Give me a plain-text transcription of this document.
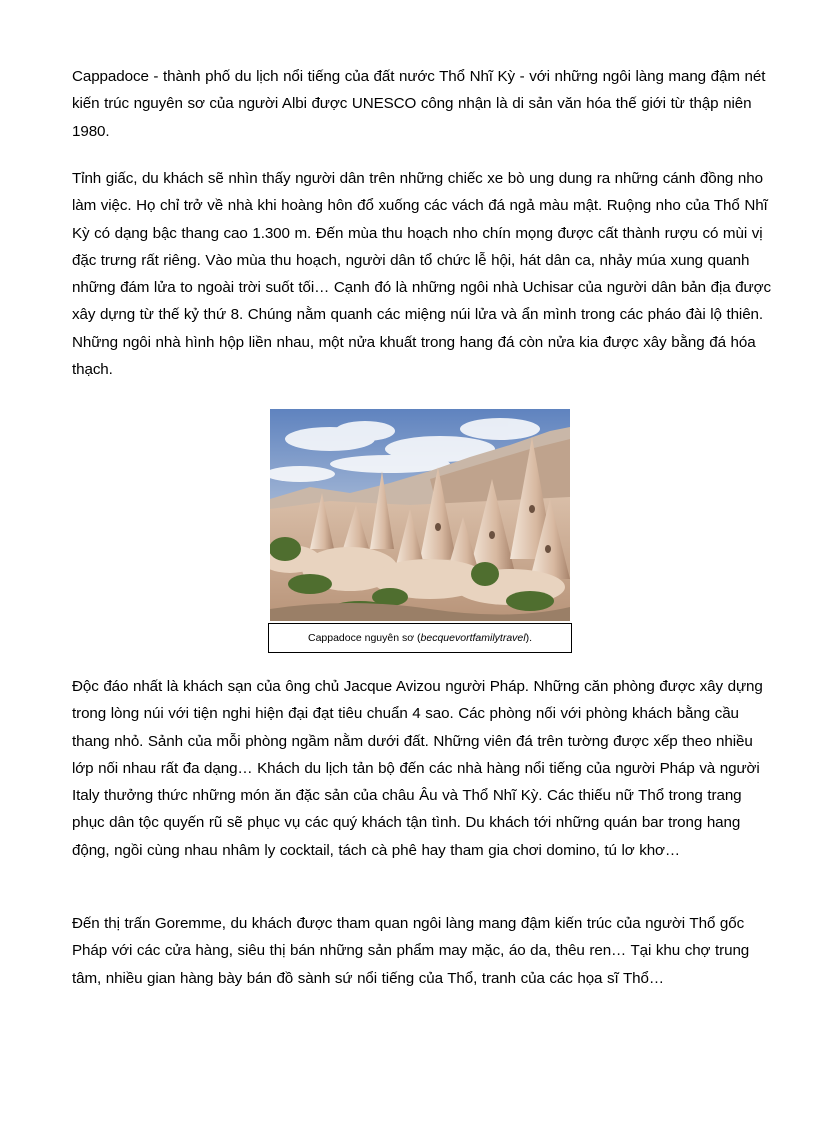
Cappadoce - thành phố du lịch nổi tiếng của đất nước Thổ Nhĩ Kỳ - với những ngôi làng mang đậm nét kiến trúc nguyên sơ của người Albi được UNESCO công nhận là di sản văn hóa thế giới từ thập niên 1980.

Tỉnh giấc, du khách sẽ nhìn thấy người dân trên những chiếc xe bò ung dung ra những cánh đồng nho làm việc. Họ chỉ trở về nhà khi hoàng hôn đổ xuống các vách đá ngả màu mật. Ruộng nho của Thổ Nhĩ Kỳ có dạng bậc thang cao 1.300 m. Đến mùa thu hoạch nho chín mọng được cất thành rượu có mùi vị đặc trưng rất riêng. Vào mùa thu hoạch, người dân tổ chức lễ hội, hát dân ca, nhảy múa xung quanh những đám lửa to ngoài trời suốt tối… Cạnh đó là những ngôi nhà Uchisar của người dân bản địa được xây dựng từ thế kỷ thứ 8. Chúng nằm quanh các miệng núi lửa và ẩn mình trong các pháo đài lộ thiên. Những ngôi nhà hình hộp liền nhau, một nửa khuất trong hang đá còn nửa kia được xây bằng đá hóa thạch.

Cappadoce nguyên sơ ( becquevortfamilytravel ).

Độc đáo nhất là khách sạn của ông chủ Jacque Avizou người Pháp. Những căn phòng được xây dựng trong lòng núi với tiện nghi hiện đại đạt tiêu chuẩn 4 sao. Các phòng nối với phòng khách bằng cầu thang nhỏ. Sảnh của mỗi phòng ngầm nằm dưới đất. Những viên đá trên tường được xếp theo nhiều lớp nối nhau rất đa dạng… Khách du lịch tản bộ đến các nhà hàng nổi tiếng của người Pháp và người Italy thưởng thức những món ăn đặc sản của châu Âu và Thổ Nhĩ Kỳ. Các thiếu nữ Thổ trong trang phục dân tộc quyến rũ sẽ phục vụ các quý khách tận tình. Du khách tới những quán bar trong hang động, ngồi cùng nhau nhâm ly cocktail, tách cà phê hay tham gia chơi domino, tú lơ khơ…

Đến thị trấn Goremme, du khách được tham quan ngôi làng mang đậm kiến trúc của người Thổ gốc Pháp với các cửa hàng, siêu thị bán những sản phẩm may mặc, áo da, thêu ren… Tại khu chợ trung tâm, nhiều gian hàng bày bán đồ sành sứ nổi tiếng của Thổ, tranh của các họa sĩ Thổ…
